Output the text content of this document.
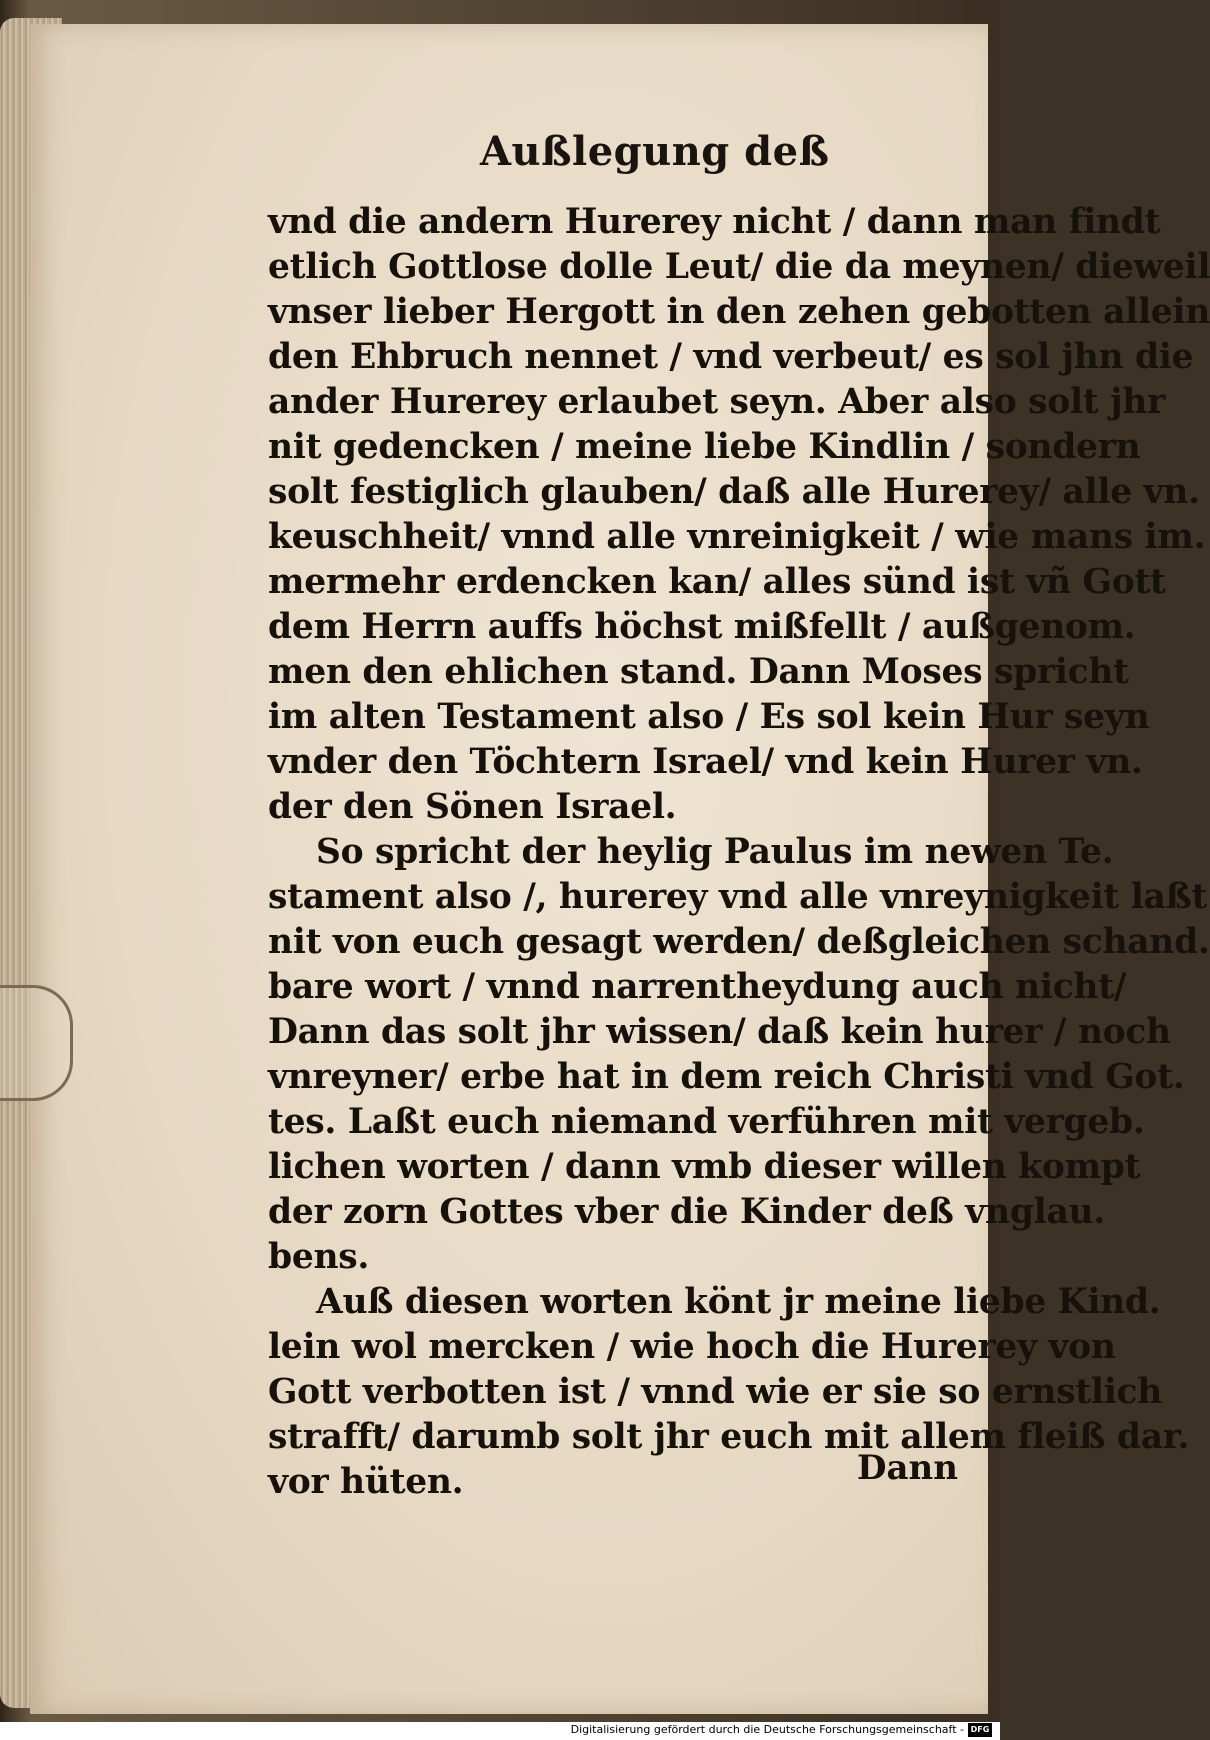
Außlegung deß
vnd die andern Hurerey nicht / dann man findt
etlich Gottlose dolle Leut/ die da meynen/ dieweil
vnser lieber Hergott in den zehen gebotten allein
den Ehbruch nennet / vnd verbeut/ es sol jhn die
ander Hurerey erlaubet seyn. Aber also solt jhr
nit gedencken / meine liebe Kindlin / sondern
solt festiglich glauben/ daß alle Hurerey/ alle vn.
keuschheit/ vnnd alle vnreinigkeit / wie mans im.
mermehr erdencken kan/ alles sünd ist vñ Gott
dem Herrn auffs höchst mißfellt / außgenom.
men den ehlichen stand. Dann Moses spricht
im alten Testament also / Es sol kein Hur seyn
vnder den Töchtern Israel/ vnd kein Hurer vn.
der den Sönen Israel.
So spricht der heylig Paulus im newen Te.
stament also /, hurerey vnd alle vnreynigkeit laßt
nit von euch gesagt werden/ deßgleichen schand.
bare wort / vnnd narrentheydung auch nicht/
Dann das solt jhr wissen/ daß kein hurer / noch
vnreyner/ erbe hat in dem reich Christi vnd Got.
tes. Laßt euch niemand verführen mit vergeb.
lichen worten / dann vmb dieser willen kompt
der zorn Gottes vber die Kinder deß vnglau.
bens.
Auß diesen worten könt jr meine liebe Kind.
lein wol mercken / wie hoch die Hurerey von
Gott verbotten ist / vnnd wie er sie so ernstlich
strafft/ darumb solt jhr euch mit allem fleiß dar.
vor hüten.	Dann
Digitalisierung gefördert durch die Deutsche Forschungsgemeinschaft - DFG
